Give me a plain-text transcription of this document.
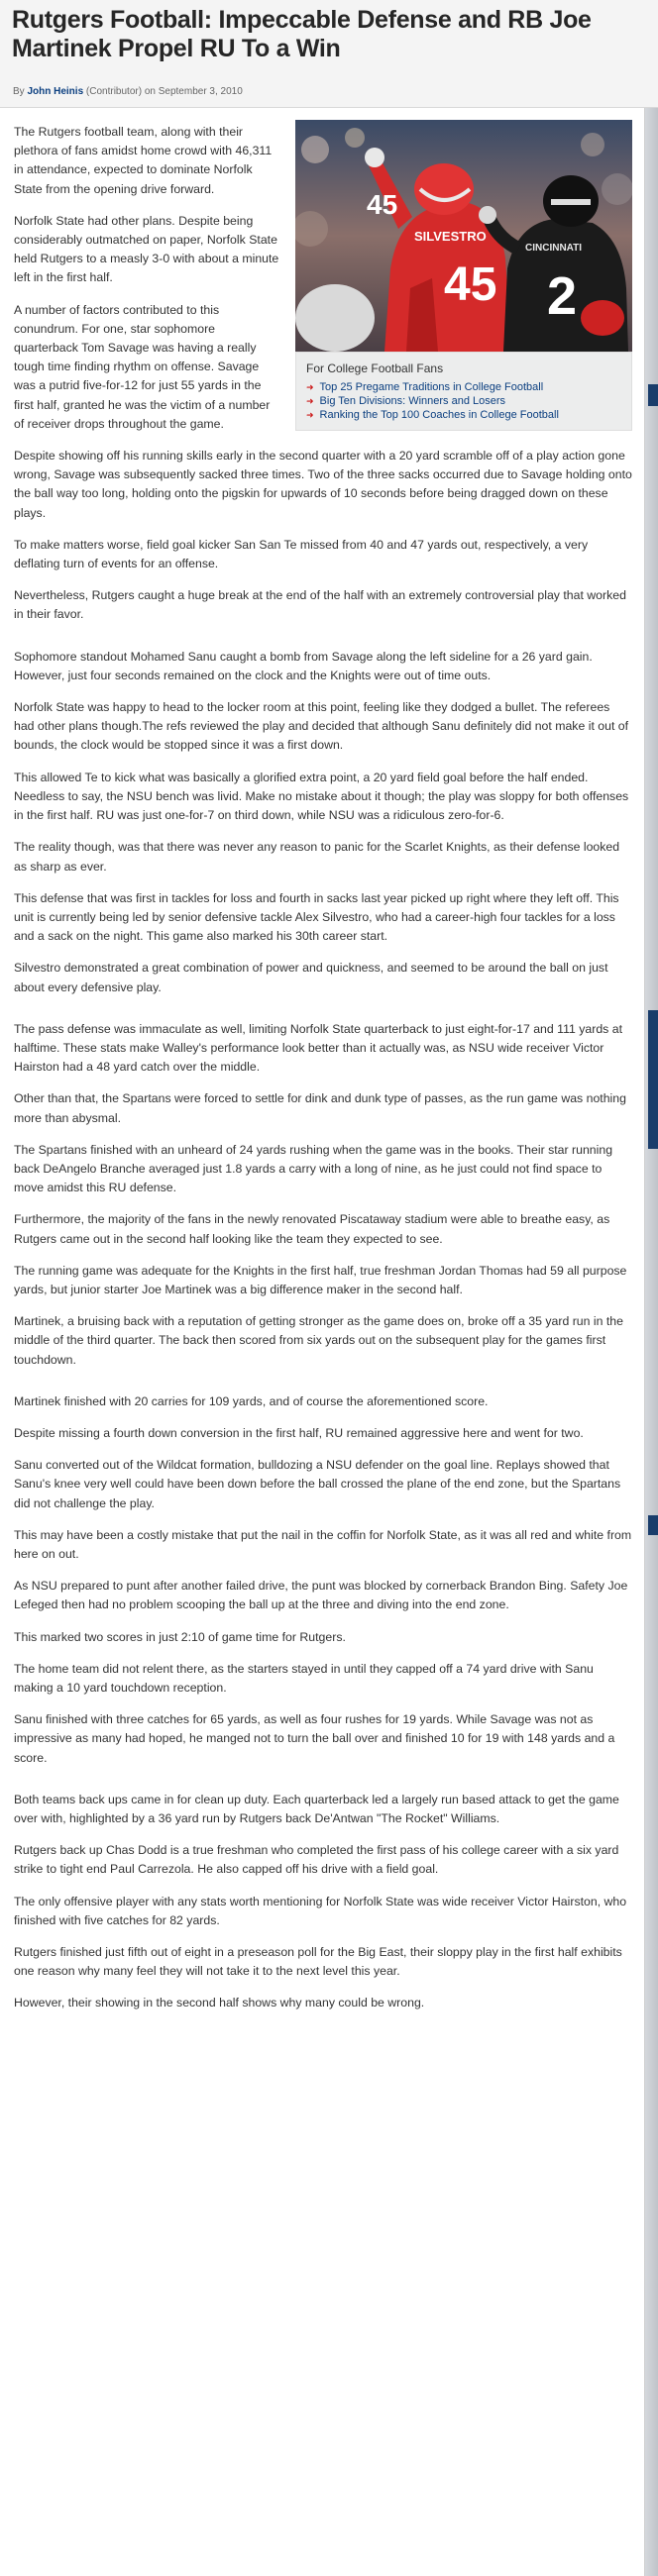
Rutgers Football: Impeccable Defense and RB Joe Martinek Propel RU To a Win
By John Heinis (Contributor) on September 3, 2010
SILVESTRO
45
45
CINCINNATI
2
For College Football Fans
➜ Top 25 Pregame Traditions in College Football
➜ Big Ten Divisions: Winners and Losers
➜ Ranking the Top 100 Coaches in College Football

The Rutgers football team, along with their plethora of fans amidst home crowd with 46,311 in attendance, expected to dominate Norfolk State from the opening drive forward.

Norfolk State had other plans. Despite being considerably outmatched on paper, Norfolk State held Rutgers to a measly 3-0 with about a minute left in the first half.

A number of factors contributed to this conundrum. For one, star sophomore quarterback Tom Savage was having a really tough time finding rhythm on offense. Savage was a putrid five-for-12 for just 55 yards in the first half, granted he was the victim of a number of receiver drops throughout the game.

Despite showing off his running skills early in the second quarter with a 20 yard scramble off of a play action gone wrong, Savage was subsequently sacked three times. Two of the three sacks occurred due to Savage holding onto the ball way too long, holding onto the pigskin for upwards of 10 seconds before being dragged down on these plays.

To make matters worse, field goal kicker San San Te missed from 40 and 47 yards out, respectively, a very deflating turn of events for an offense.

Nevertheless, Rutgers caught a huge break at the end of the half with an extremely controversial play that worked in their favor.

Sophomore standout Mohamed Sanu caught a bomb from Savage along the left sideline for a 26 yard gain. However, just four seconds remained on the clock and the Knights were out of time outs.

Norfolk State was happy to head to the locker room at this point, feeling like they dodged a bullet. The referees had other plans though.The refs reviewed the play and decided that although Sanu definitely did not make it out of bounds, the clock would be stopped since it was a first down.

This allowed Te to kick what was basically a glorified extra point, a 20 yard field goal before the half ended. Needless to say, the NSU bench was livid. Make no mistake about it though; the play was sloppy for both offenses in the first half. RU was just one-for-7 on third down, while NSU was a ridiculous zero-for-6.

The reality though, was that there was never any reason to panic for the Scarlet Knights, as their defense looked as sharp as ever.

This defense that was first in tackles for loss and fourth in sacks last year picked up right where they left off. This unit is currently being led by senior defensive tackle Alex Silvestro, who had a career-high four tackles for a loss and a sack on the night. This game also marked his 30th career start.

Silvestro demonstrated a great combination of power and quickness, and seemed to be around the ball on just about every defensive play.

The pass defense was immaculate as well, limiting Norfolk State quarterback to just eight-for-17 and 111 yards at halftime. These stats make Walley's performance look better than it actually was, as NSU wide receiver Victor Hairston had a 48 yard catch over the middle.

Other than that, the Spartans were forced to settle for dink and dunk type of passes, as the run game was nothing more than abysmal.

The Spartans finished with an unheard of 24 yards rushing when the game was in the books. Their star running back DeAngelo Branche averaged just 1.8 yards a carry with a long of nine, as he just could not find space to move amidst this RU defense.

Furthermore, the majority of the fans in the newly renovated Piscataway stadium were able to breathe easy, as Rutgers came out in the second half looking like the team they expected to see.

The running game was adequate for the Knights in the first half, true freshman Jordan Thomas had 59 all purpose yards, but junior starter Joe Martinek was a big difference maker in the second half.

Martinek, a bruising back with a reputation of getting stronger as the game does on, broke off a 35 yard run in the middle of the third quarter. The back then scored from six yards out on the subsequent play for the games first touchdown.

Martinek finished with 20 carries for 109 yards, and of course the aforementioned score.

Despite missing a fourth down conversion in the first half, RU remained aggressive here and went for two.

Sanu converted out of the Wildcat formation, bulldozing a NSU defender on the goal line. Replays showed that Sanu's knee very well could have been down before the ball crossed the plane of the end zone, but the Spartans did not challenge the play.

This may have been a costly mistake that put the nail in the coffin for Norfolk State, as it was all red and white from here on out.

As NSU prepared to punt after another failed drive, the punt was blocked by cornerback Brandon Bing. Safety Joe Lefeged then had no problem scooping the ball up at the three and diving into the end zone.

This marked two scores in just 2:10 of game time for Rutgers.

The home team did not relent there, as the starters stayed in until they capped off a 74 yard drive with Sanu making a 10 yard touchdown reception.

Sanu finished with three catches for 65 yards, as well as four rushes for 19 yards. While Savage was not as impressive as many had hoped, he manged not to turn the ball over and finished 10 for 19 with 148 yards and a score.

Both teams back ups came in for clean up duty. Each quarterback led a largely run based attack to get the game over with, highlighted by a 36 yard run by Rutgers back De'Antwan "The Rocket" Williams.

Rutgers back up Chas Dodd is a true freshman who completed the first pass of his college career with a six yard strike to tight end Paul Carrezola. He also capped off his drive with a field goal.

The only offensive player with any stats worth mentioning for Norfolk State was wide receiver Victor Hairston, who finished with five catches for 82 yards.

Rutgers finished just fifth out of eight in a preseason poll for the Big East, their sloppy play in the first half exhibits one reason why many feel they will not take it to the next level this year.

However, their showing in the second half shows why many could be wrong.
